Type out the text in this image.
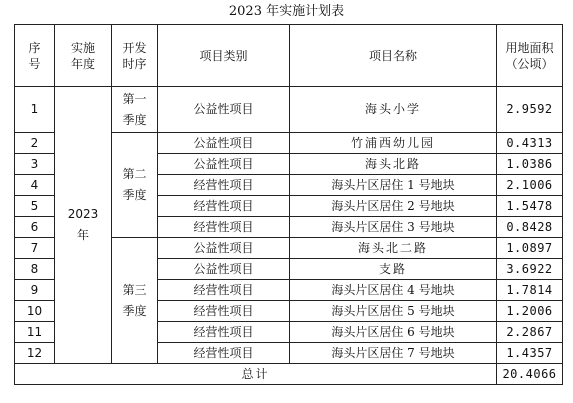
2023 年实施计划表
序号	实施年度	开发时序	项目类别	项目名称	用地面积（公顷）
1	2023年	第一季度	公益性项目	海头小学	2.9592
2		第二季度	公益性项目	竹浦西幼儿园	0.4313
3			公益性项目	海头北路	1.0386
4			经营性项目	海头片区居住 1 号地块	2.1006
5			经营性项目	海头片区居住 2 号地块	1.5478
6			经营性项目	海头片区居住 3 号地块	0.8428
7		第三季度	公益性项目	海头北二路	1.0897
8			公益性项目	支路	3.6922
9			经营性项目	海头片区居住 4 号地块	1.7814
10			经营性项目	海头片区居住 5 号地块	1.2006
11			经营性项目	海头片区居住 6 号地块	2.2867
12			经营性项目	海头片区居住 7 号地块	1.4357
总计					20.4066
